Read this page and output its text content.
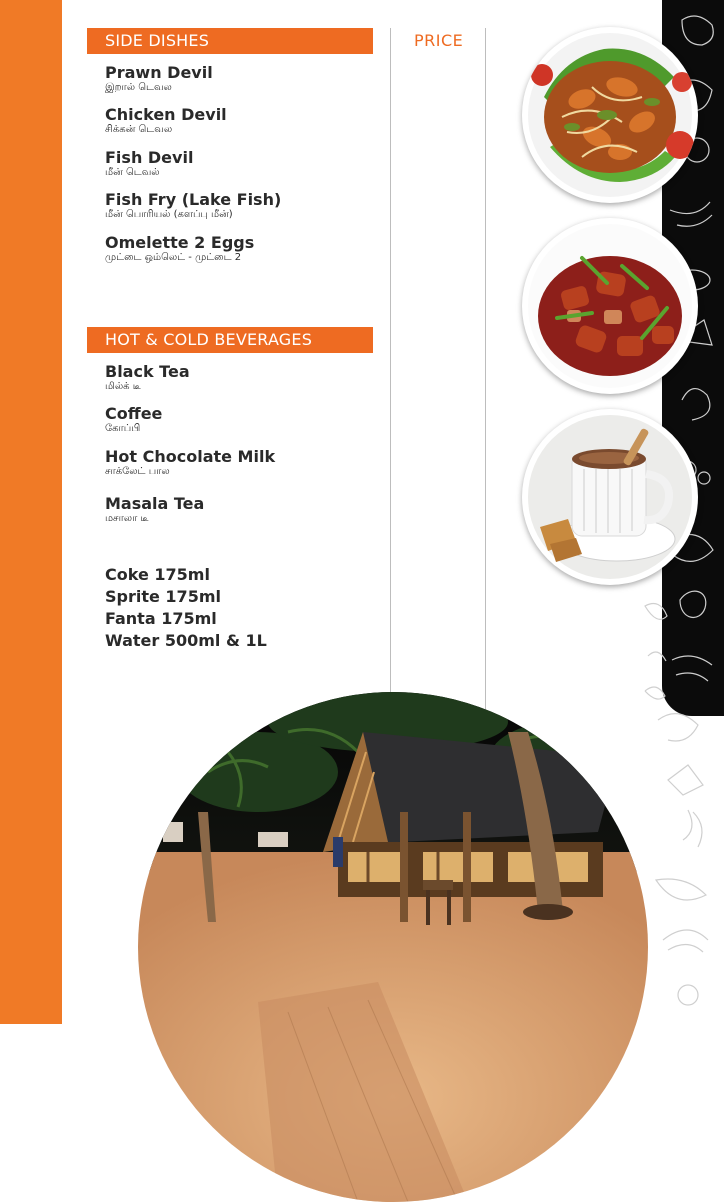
SIDE DISHES	PRICE
Prawn Devil
இறால் டெவல
Chicken Devil
சிக்கன் டெவல
Fish Devil
மீன் டெவல்
Fish Fry (Lake Fish)
மீன் பொரியல் (களப்பு மீன்)
Omelette 2 Eggs
முட்டை ஒம்லெட் - முட்டை 2
HOT & COLD BEVERAGES
Black Tea
மில்க் டீ
Coffee
கோப்பி
Hot Chocolate Milk
சாக்லேட் பால
Masala Tea
மசாலா டீ
Coke 175ml
Sprite 175ml
Fanta 175ml
Water 500ml & 1L
